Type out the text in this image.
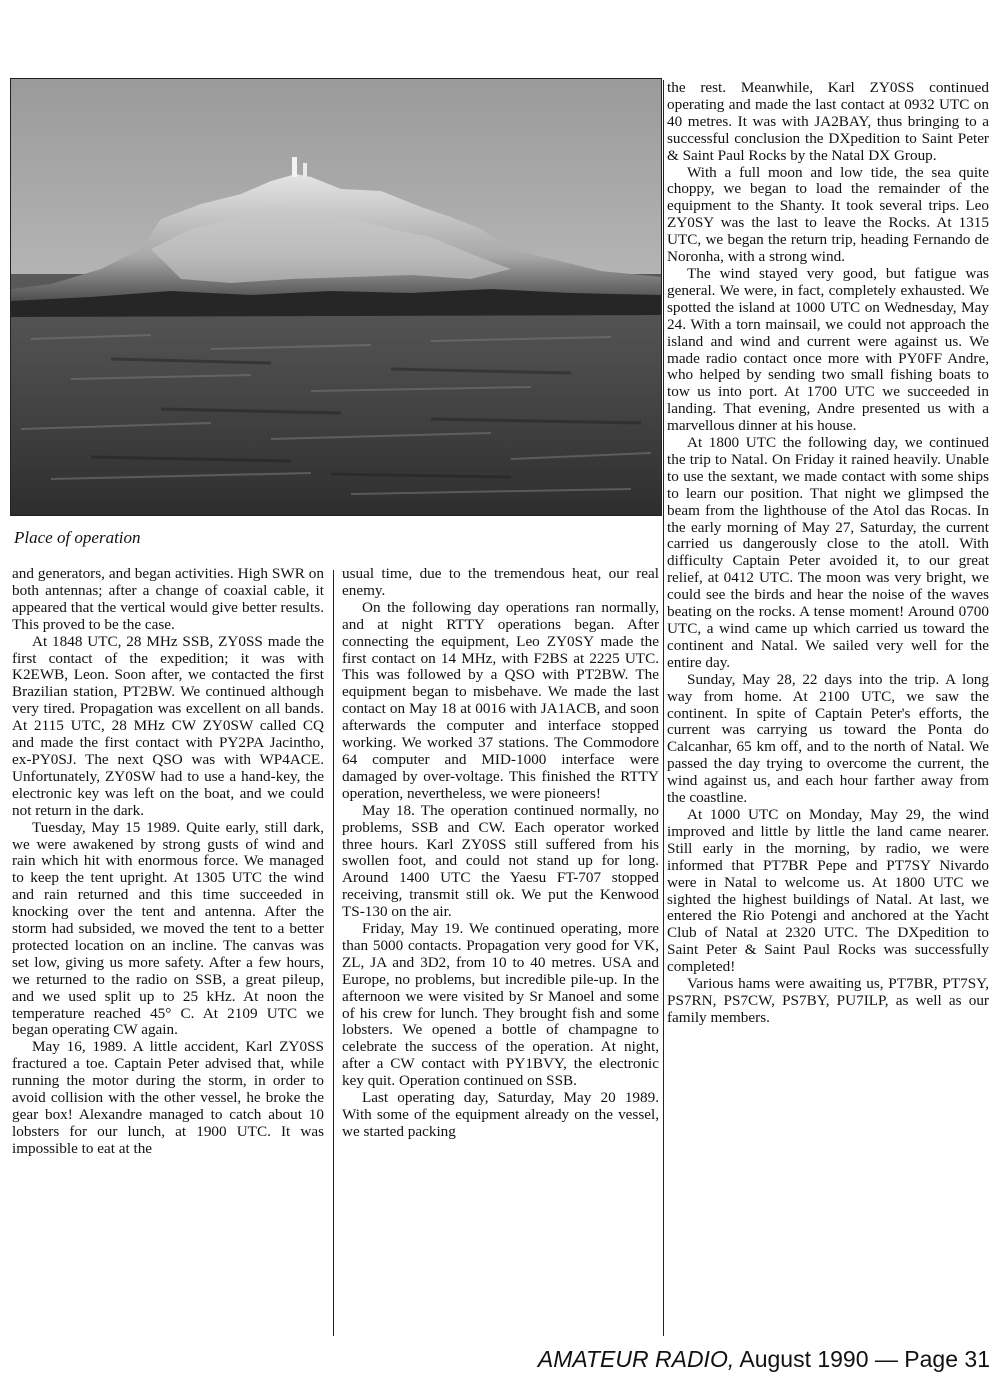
Place of operation

and generators, and began activities. High SWR on both antennas; after a change of coaxial cable, it appeared that the vertical would give better results. This proved to be the case.

At 1848 UTC, 28 MHz SSB, ZY0SS made the first contact of the expedition; it was with K2EWB, Leon. Soon after, we contacted the first Brazilian station, PT2BW. We continued although very tired. Propagation was excellent on all bands. At 2115 UTC, 28 MHz CW ZY0SW called CQ and made the first contact with PY2PA Jacintho, ex-PY0SJ. The next QSO was with WP4ACE. Unfortunately, ZY0SW had to use a hand-key, the electronic key was left on the boat, and we could not return in the dark.

Tuesday, May 15 1989. Quite early, still dark, we were awakened by strong gusts of wind and rain which hit with enormous force. We managed to keep the tent upright. At 1305 UTC the wind and rain returned and this time succeeded in knocking over the tent and antenna. After the storm had subsided, we moved the tent to a better protected location on an incline. The canvas was set low, giving us more safety. After a few hours, we returned to the radio on SSB, a great pileup, and we used split up to 25 kHz. At noon the temperature reached 45° C. At 2109 UTC we began operating CW again.

May 16, 1989. A little accident, Karl ZY0SS fractured a toe. Captain Peter advised that, while running the motor during the storm, in order to avoid collision with the other vessel, he broke the gear box! Alexandre managed to catch about 10 lobsters for our lunch, at 1900 UTC. It was impossible to eat at the

usual time, due to the tremendous heat, our real enemy.

On the following day operations ran normally, and at night RTTY operations began. After connecting the equipment, Leo ZY0SY made the first contact on 14 MHz, with F2BS at 2225 UTC. This was followed by a QSO with PT2BW. The equipment began to misbehave. We made the last contact on May 18 at 0016 with JA1ACB, and soon afterwards the computer and interface stopped working. We worked 37 stations. The Commodore 64 computer and MID-1000 interface were damaged by over-voltage. This finished the RTTY operation, nevertheless, we were pioneers!

May 18. The operation continued normally, no problems, SSB and CW. Each operator worked three hours. Karl ZY0SS still suffered from his swollen foot, and could not stand up for long. Around 1400 UTC the Yaesu FT-707 stopped receiving, transmit still ok. We put the Kenwood TS-130 on the air.

Friday, May 19. We continued operating, more than 5000 contacts. Propagation very good for VK, ZL, JA and 3D2, from 10 to 40 metres. USA and Europe, no problems, but incredible pile-up. In the afternoon we were visited by Sr Manoel and some of his crew for lunch. They brought fish and some lobsters. We opened a bottle of champagne to celebrate the success of the operation. At night, after a CW contact with PY1BVY, the electronic key quit. Operation continued on SSB.

Last operating day, Saturday, May 20 1989. With some of the equipment already on the vessel, we started packing

the rest. Meanwhile, Karl ZY0SS continued operating and made the last contact at 0932 UTC on 40 metres. It was with JA2BAY, thus bringing to a successful conclusion the DXpedition to Saint Peter & Saint Paul Rocks by the Natal DX Group.

With a full moon and low tide, the sea quite choppy, we began to load the remainder of the equipment to the Shanty. It took several trips. Leo ZY0SY was the last to leave the Rocks. At 1315 UTC, we began the return trip, heading Fernando de Noronha, with a strong wind.

The wind stayed very good, but fatigue was general. We were, in fact, completely exhausted. We spotted the island at 1000 UTC on Wednesday, May 24. With a torn mainsail, we could not approach the island and wind and current were against us. We made radio contact once more with PY0FF Andre, who helped by sending two small fishing boats to tow us into port. At 1700 UTC we succeeded in landing. That evening, Andre presented us with a marvellous dinner at his house.

At 1800 UTC the following day, we continued the trip to Natal. On Friday it rained heavily. Unable to use the sextant, we made contact with some ships to learn our position. That night we glimpsed the beam from the lighthouse of the Atol das Rocas. In the early morning of May 27, Saturday, the current carried us dangerously close to the atoll. With difficulty Captain Peter avoided it, to our great relief, at 0412 UTC. The moon was very bright, we could see the birds and hear the noise of the waves beating on the rocks. A tense moment! Around 0700 UTC, a wind came up which carried us toward the continent and Natal. We sailed very well for the entire day.

Sunday, May 28, 22 days into the trip. A long way from home. At 2100 UTC, we saw the continent. In spite of Captain Peter's efforts, the current was carrying us toward the Ponta do Calcanhar, 65 km off, and to the north of Natal. We passed the day trying to overcome the current, the wind against us, and each hour farther away from the coastline.

At 1000 UTC on Monday, May 29, the wind improved and little by little the land came nearer. Still early in the morning, by radio, we were informed that PT7BR Pepe and PT7SY Nivardo were in Natal to welcome us. At 1800 UTC we sighted the highest buildings of Natal. At last, we entered the Rio Potengi and anchored at the Yacht Club of Natal at 2320 UTC. The DXpedition to Saint Peter & Saint Paul Rocks was successfully completed!

Various hams were awaiting us, PT7BR, PT7SY, PS7RN, PS7CW, PS7BY, PU7ILP, as well as our family members.

AMATEUR RADIO, August 1990 — Page 31
